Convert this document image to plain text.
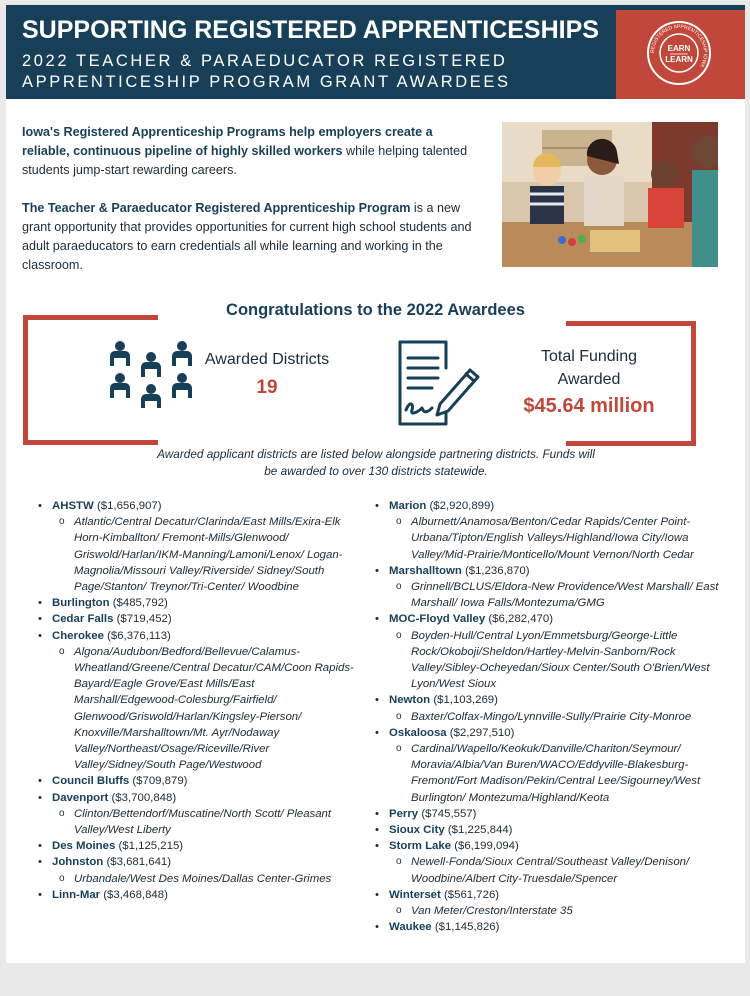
SUPPORTING REGISTERED APPRENTICESHIPS
2022 TEACHER & PARAEDUCATOR REGISTERED
APPRENTICESHIP PROGRAM GRANT AWARDEES
REGISTERED APPRENTICESHIP IOWA
EARN
LEARN

Iowa's Registered Apprenticeship Programs help employers create a reliable, continuous pipeline of highly skilled workers while helping talented students jump-start rewarding careers.

The Teacher & Paraeducator Registered Apprenticeship Program is a new grant opportunity that provides opportunities for current high school students and adult paraeducators to earn credentials all while learning and working in the classroom.

Congratulations to the 2022 Awardees
Awarded Districts
19
Total Funding
Awarded
$45.64 million
Awarded applicant districts are listed below alongside partnering districts. Funds will be awarded to over 130 districts statewide.
• AHSTW ($1,656,907)
o Atlantic/Central Decatur/Clarinda/East Mills/Exira-Elk Horn-Kimballton/ Fremont-Mills/Glenwood/ Griswold/Harlan/IKM-Manning/Lamoni/Lenox/ Logan-Magnolia/Missouri Valley/Riverside/ Sidney/South Page/Stanton/ Treynor/Tri-Center/ Woodbine
• Burlington ($485,792)
• Cedar Falls ($719,452)
• Cherokee ($6,376,113)
o Algona/Audubon/Bedford/Bellevue/Calamus-Wheatland/Greene/Central Decatur/CAM/Coon Rapids-Bayard/Eagle Grove/East Mills/East Marshall/Edgewood-Colesburg/Fairfield/ Glenwood/Griswold/Harlan/Kingsley-Pierson/ Knoxville/Marshalltown/Mt. Ayr/Nodaway Valley/Northeast/Osage/Riceville/River Valley/Sidney/South Page/Westwood
• Council Bluffs ($709,879)
• Davenport ($3,700,848)
o Clinton/Bettendorf/Muscatine/North Scott/ Pleasant Valley/West Liberty
• Des Moines ($1,125,215)
• Johnston ($3,681,641)
o Urbandale/West Des Moines/Dallas Center-Grimes
• Linn-Mar ($3,468,848)
• Marion ($2,920,899)
o Alburnett/Anamosa/Benton/Cedar Rapids/Center Point-Urbana/Tipton/English Valleys/Highland/Iowa City/Iowa Valley/Mid-Prairie/Monticello/Mount Vernon/North Cedar
• Marshalltown ($1,236,870)
o Grinnell/BCLUS/Eldora-New Providence/West Marshall/ East Marshall/ Iowa Falls/Montezuma/GMG
• MOC-Floyd Valley ($6,282,470)
o Boyden-Hull/Central Lyon/Emmetsburg/George-Little Rock/Okoboji/Sheldon/Hartley-Melvin-Sanborn/Rock Valley/Sibley-Ocheyedan/Sioux Center/South O'Brien/West Lyon/West Sioux
• Newton ($1,103,269)
o Baxter/Colfax-Mingo/Lynnville-Sully/Prairie City-Monroe
• Oskaloosa ($2,297,510)
o Cardinal/Wapello/Keokuk/Danville/Chariton/Seymour/ Moravia/Albia/Van Buren/WACO/Eddyville-Blakesburg-Fremont/Fort Madison/Pekin/Central Lee/Sigourney/West Burlington/ Montezuma/Highland/Keota
• Perry ($745,557)
• Sioux City ($1,225,844)
• Storm Lake ($6,199,094)
o Newell-Fonda/Sioux Central/Southeast Valley/Denison/ Woodbine/Albert City-Truesdale/Spencer
• Winterset ($561,726)
o Van Meter/Creston/Interstate 35
• Waukee ($1,145,826)
